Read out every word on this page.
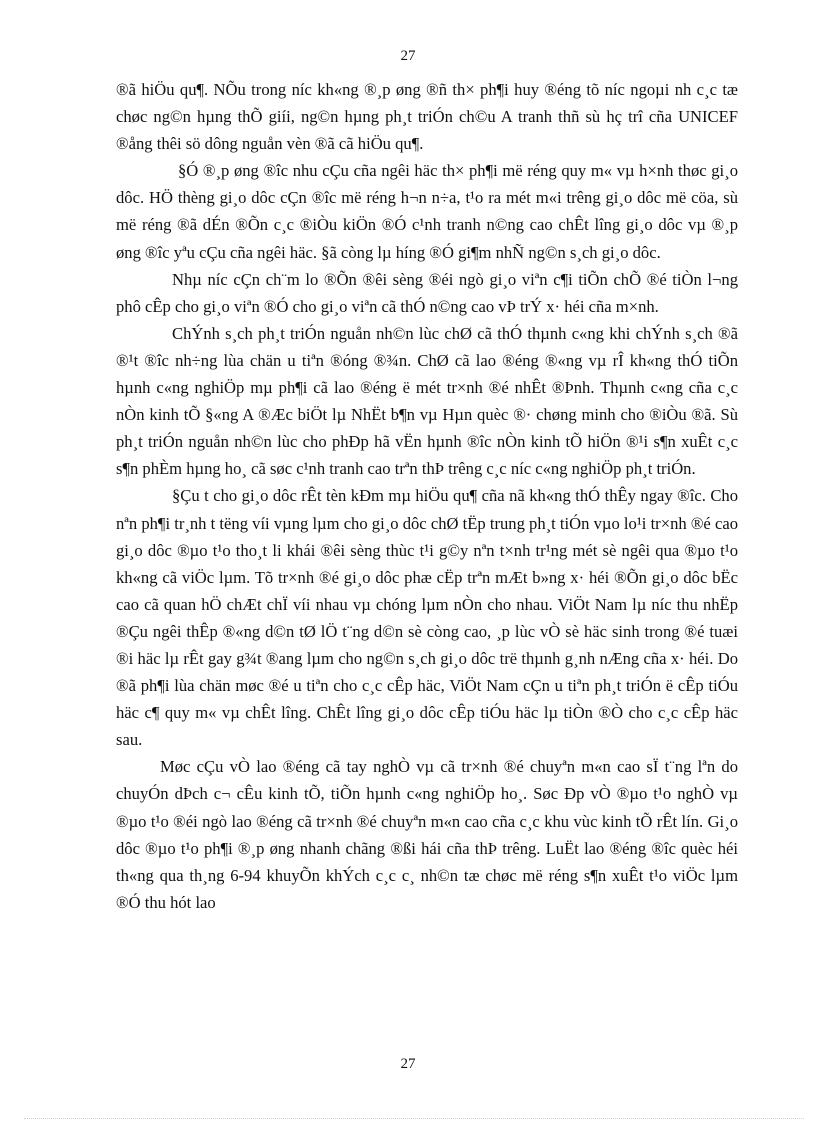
27

®ã hiÖu qu¶. NÕu trong níc kh«ng ®¸p øng ®ñ th× ph¶i huy ®éng tõ níc ngoµi nh c¸c tæ chøc ng©n hµng thÕ giíi, ng©n hµng ph¸t triÓn ch©u A tranh thñ sù hç trî cña UNICEF ®ång thêi sö dông nguån vèn ®ã cã hiÖu qu¶.

§Ó ®¸p øng ®îc nhu cÇu cña ngêi häc th× ph¶i më réng quy m« vµ h×nh thøc gi¸o dôc. HÖ thèng gi¸o dôc cÇn ®îc më réng h¬n n÷a, t¹o ra mét m«i trêng gi¸o dôc më cöa, sù më réng ®ã dÉn ®Õn c¸c ®iÒu kiÖn ®Ó c¹nh tranh n©ng cao chÊt lîng gi¸o dôc vµ ®¸p øng ®îc yªu cÇu cña ngêi häc. §ã còng lµ híng ®Ó gi¶m nhÑ ng©n s¸ch gi¸o dôc.

Nhµ níc cÇn ch¨m lo ®Õn ®êi sèng ®éi ngò gi¸o viªn c¶i tiÕn chÕ ®é tiÒn l¬ng phô cÊp cho gi¸o viªn ®Ó cho gi¸o viªn cã thÓ n©ng cao vÞ trÝ x· héi cña m×nh.

ChÝnh s¸ch ph¸t triÓn nguån nh©n lùc chØ cã thÓ thµnh c«ng khi chÝnh s¸ch ®ã ®¹t ®îc nh÷ng lùa chän u tiªn ®óng ®¾n. ChØ cã lao ®éng ®«ng vµ rÎ kh«ng thÓ tiÕn hµnh c«ng nghiÖp mµ ph¶i cã lao ®éng ë mét tr×nh ®é nhÊt ®Þnh. Thµnh c«ng cña c¸c nÒn kinh tÕ §«ng A ®Æc biÖt lµ NhËt b¶n vµ Hµn quèc ®· chøng minh cho ®iÒu ®ã. Sù ph¸t triÓn nguån nh©n lùc cho phÐp hã vËn hµnh ®îc nÒn kinh tÕ hiÖn ®¹i s¶n xuÊt c¸c s¶n phÈm hµng ho¸ cã søc c¹nh tranh cao trªn thÞ trêng c¸c níc c«ng nghiÖp ph¸t triÓn.

§Çu t cho gi¸o dôc rÊt tèn kÐm mµ hiÖu qu¶ cña nã kh«ng thÓ thÊy ngay ®îc. Cho nªn ph¶i tr¸nh t tëng víi vµng lµm cho gi¸o dôc chØ tËp trung ph¸t tiÓn vµo lo¹i tr×nh ®é cao gi¸o dôc ®µo t¹o tho¸t li khái ®êi sèng thùc t¹i g©y nªn t×nh tr¹ng mét sè ngêi qua ®µo t¹o kh«ng cã viÖc lµm. Tõ tr×nh ®é gi¸o dôc phæ cËp trªn mÆt b»ng x· héi ®Õn gi¸o dôc bËc cao cã quan hÖ chÆt chÏ víi nhau vµ chóng lµm nÒn cho nhau. ViÖt Nam lµ níc thu nhËp ®Çu ngêi thÊp ®«ng d©n tØ lÖ t¨ng d©n sè còng cao, ¸p lùc vÒ sè häc sinh trong ®é tuæi ®i häc lµ rÊt gay g¾t ®ang lµm cho ng©n s¸ch gi¸o dôc trë thµnh g¸nh nÆng cña x· héi. Do ®ã ph¶i lùa chän møc ®é u tiªn cho c¸c cÊp häc, ViÖt Nam cÇn u tiªn ph¸t triÓn ë cÊp tiÓu häc c¶ quy m« vµ chÊt lîng. ChÊt lîng gi¸o dôc cÊp tiÓu häc lµ tiÒn ®Ò cho c¸c cÊp häc sau.

Møc cÇu vÒ lao ®éng cã tay nghÒ vµ cã tr×nh ®é chuyªn m«n cao sÏ t¨ng lªn do chuyÓn dÞch c¬ cÊu kinh tÕ, tiÕn hµnh c«ng nghiÖp ho¸. Søc Ðp vÒ ®µo t¹o nghÒ vµ ®µo t¹o ®éi ngò lao ®éng cã tr×nh ®é chuyªn m«n cao cña c¸c khu vùc kinh tÕ rÊt lín. Gi¸o dôc ®µo t¹o ph¶i ®¸p øng nhanh chãng ®ßi hái cña thÞ trêng. LuËt lao ®éng ®îc quèc héi th«ng qua th¸ng 6-94 khuyÕn khÝch c¸c c¸ nh©n tæ chøc më réng s¶n xuÊt t¹o viÖc lµm ®Ó thu hót lao

27
